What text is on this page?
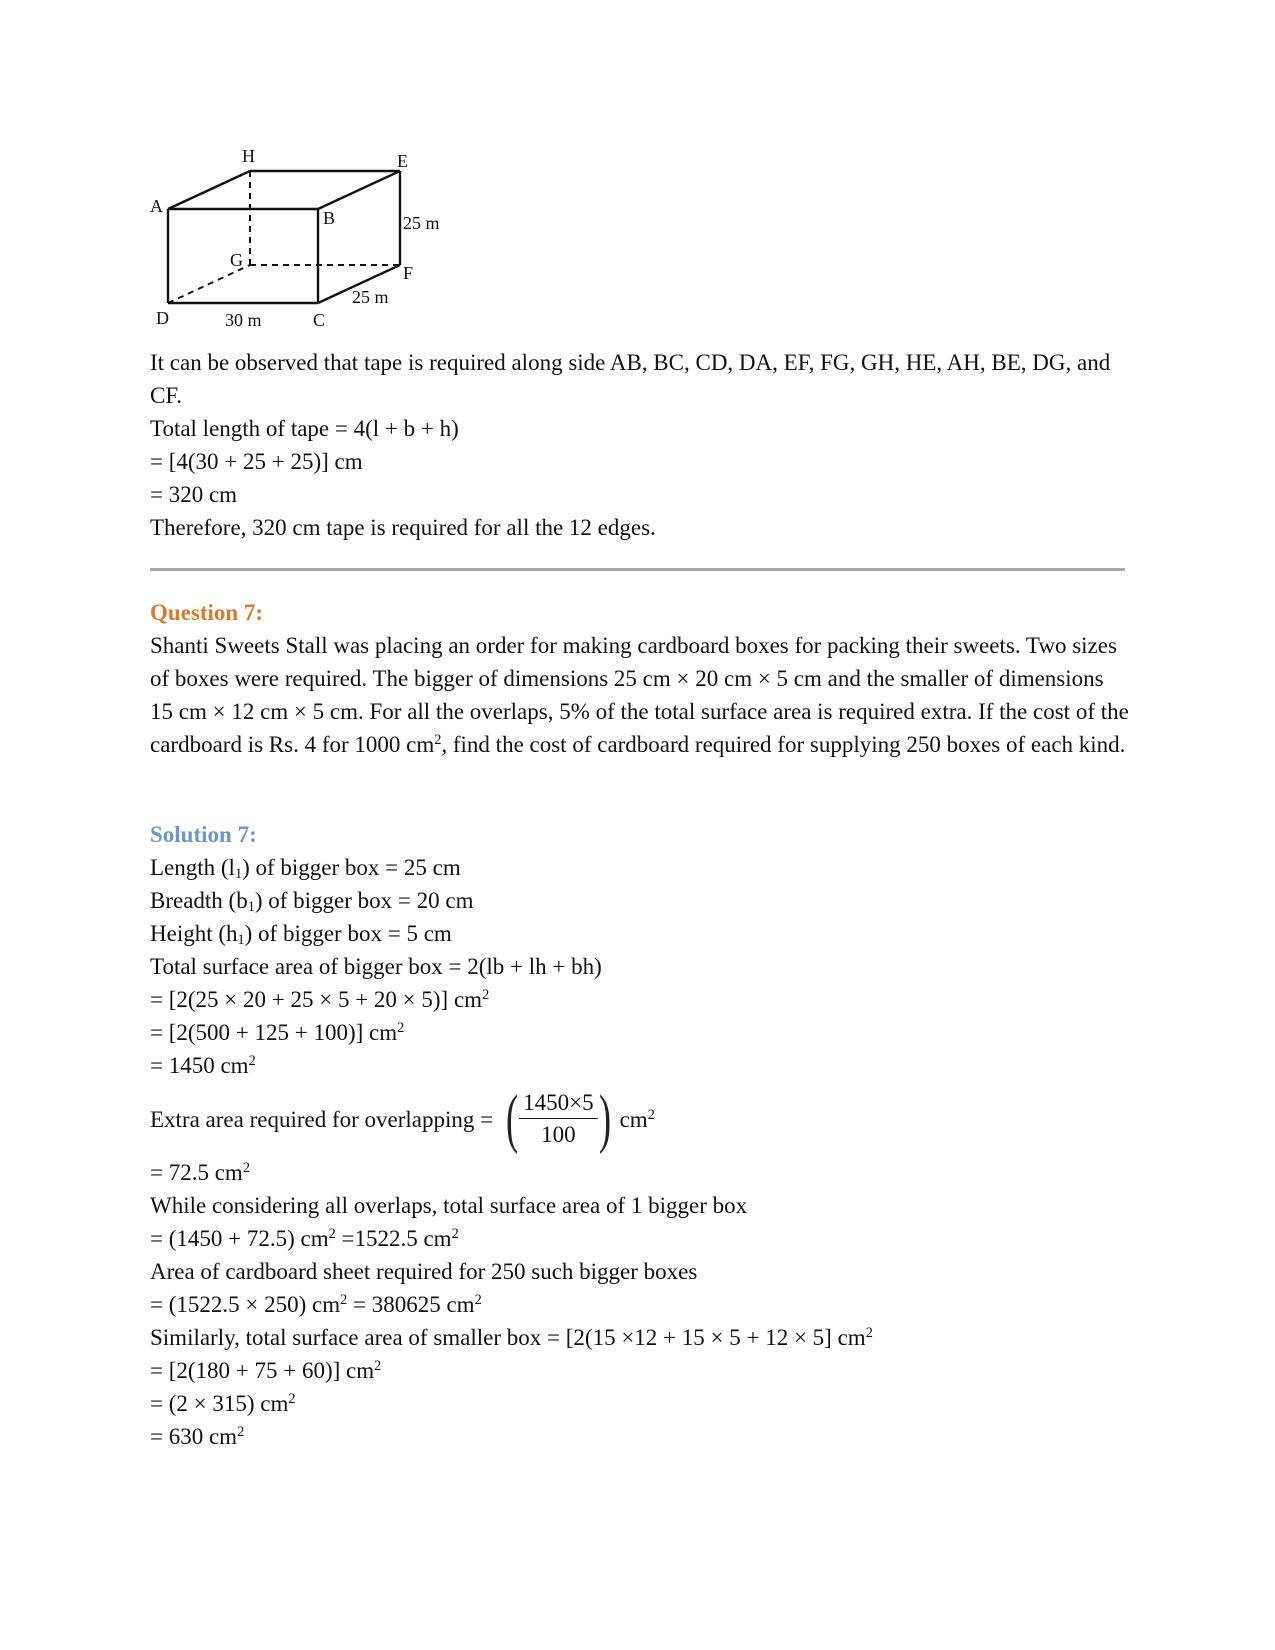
H	E
A
B
G
F
D	C
25 m
25 m
30 m

It can be observed that tape is required along side AB, BC, CD, DA, EF, FG, GH, HE, AH, BE, DG, and CF.

Total length of tape = 4(l + b + h)

= [4(30 + 25 + 25)] cm

= 320 cm

Therefore, 320 cm tape is required for all the 12 edges.

Question 7:

Shanti Sweets Stall was placing an order for making cardboard boxes for packing their sweets. Two sizes of boxes were required. The bigger of dimensions 25 cm × 20 cm × 5 cm and the smaller of dimensions 15 cm × 12 cm × 5 cm. For all the overlaps, 5% of the total surface area is required extra. If the cost of the cardboard is Rs. 4 for 1000 $cm^2$, find the cost of cardboard required for supplying 250 boxes of each kind.

Solution 7:

Length $(l_1)$ of bigger box = 25 cm

Breadth $(b_1)$ of bigger box = 20 cm

Height $(h_1)$ of bigger box = 5 cm

Total surface area of bigger box = 2(lb + lh + bh)

= [2(25 × 20 + 25 × 5 + 20 × 5)] $cm^2$

= [2(500 + 125 + 100)] $cm^2$

= 1450 $cm^2$

Extra area required for overlapping = ( $\frac{1450\times 5}{100}$ ) $cm^2$

= 72.5 $cm^2$

While considering all overlaps, total surface area of 1 bigger box

= (1450 + 72.5) $cm^2 =1522.5$ $cm^2$

Area of cardboard sheet required for 250 such bigger boxes

= (1522.5 × 250) $cm^2 = 380625$ $cm^2$

Similarly, total surface area of smaller box = [2(15 ×12 + 15 × 5 + 12 × 5] $cm^2$

= [2(180 + 75 + 60)] $cm^2$

= (2 × 315) $cm^2$

= 630 $cm^2$
